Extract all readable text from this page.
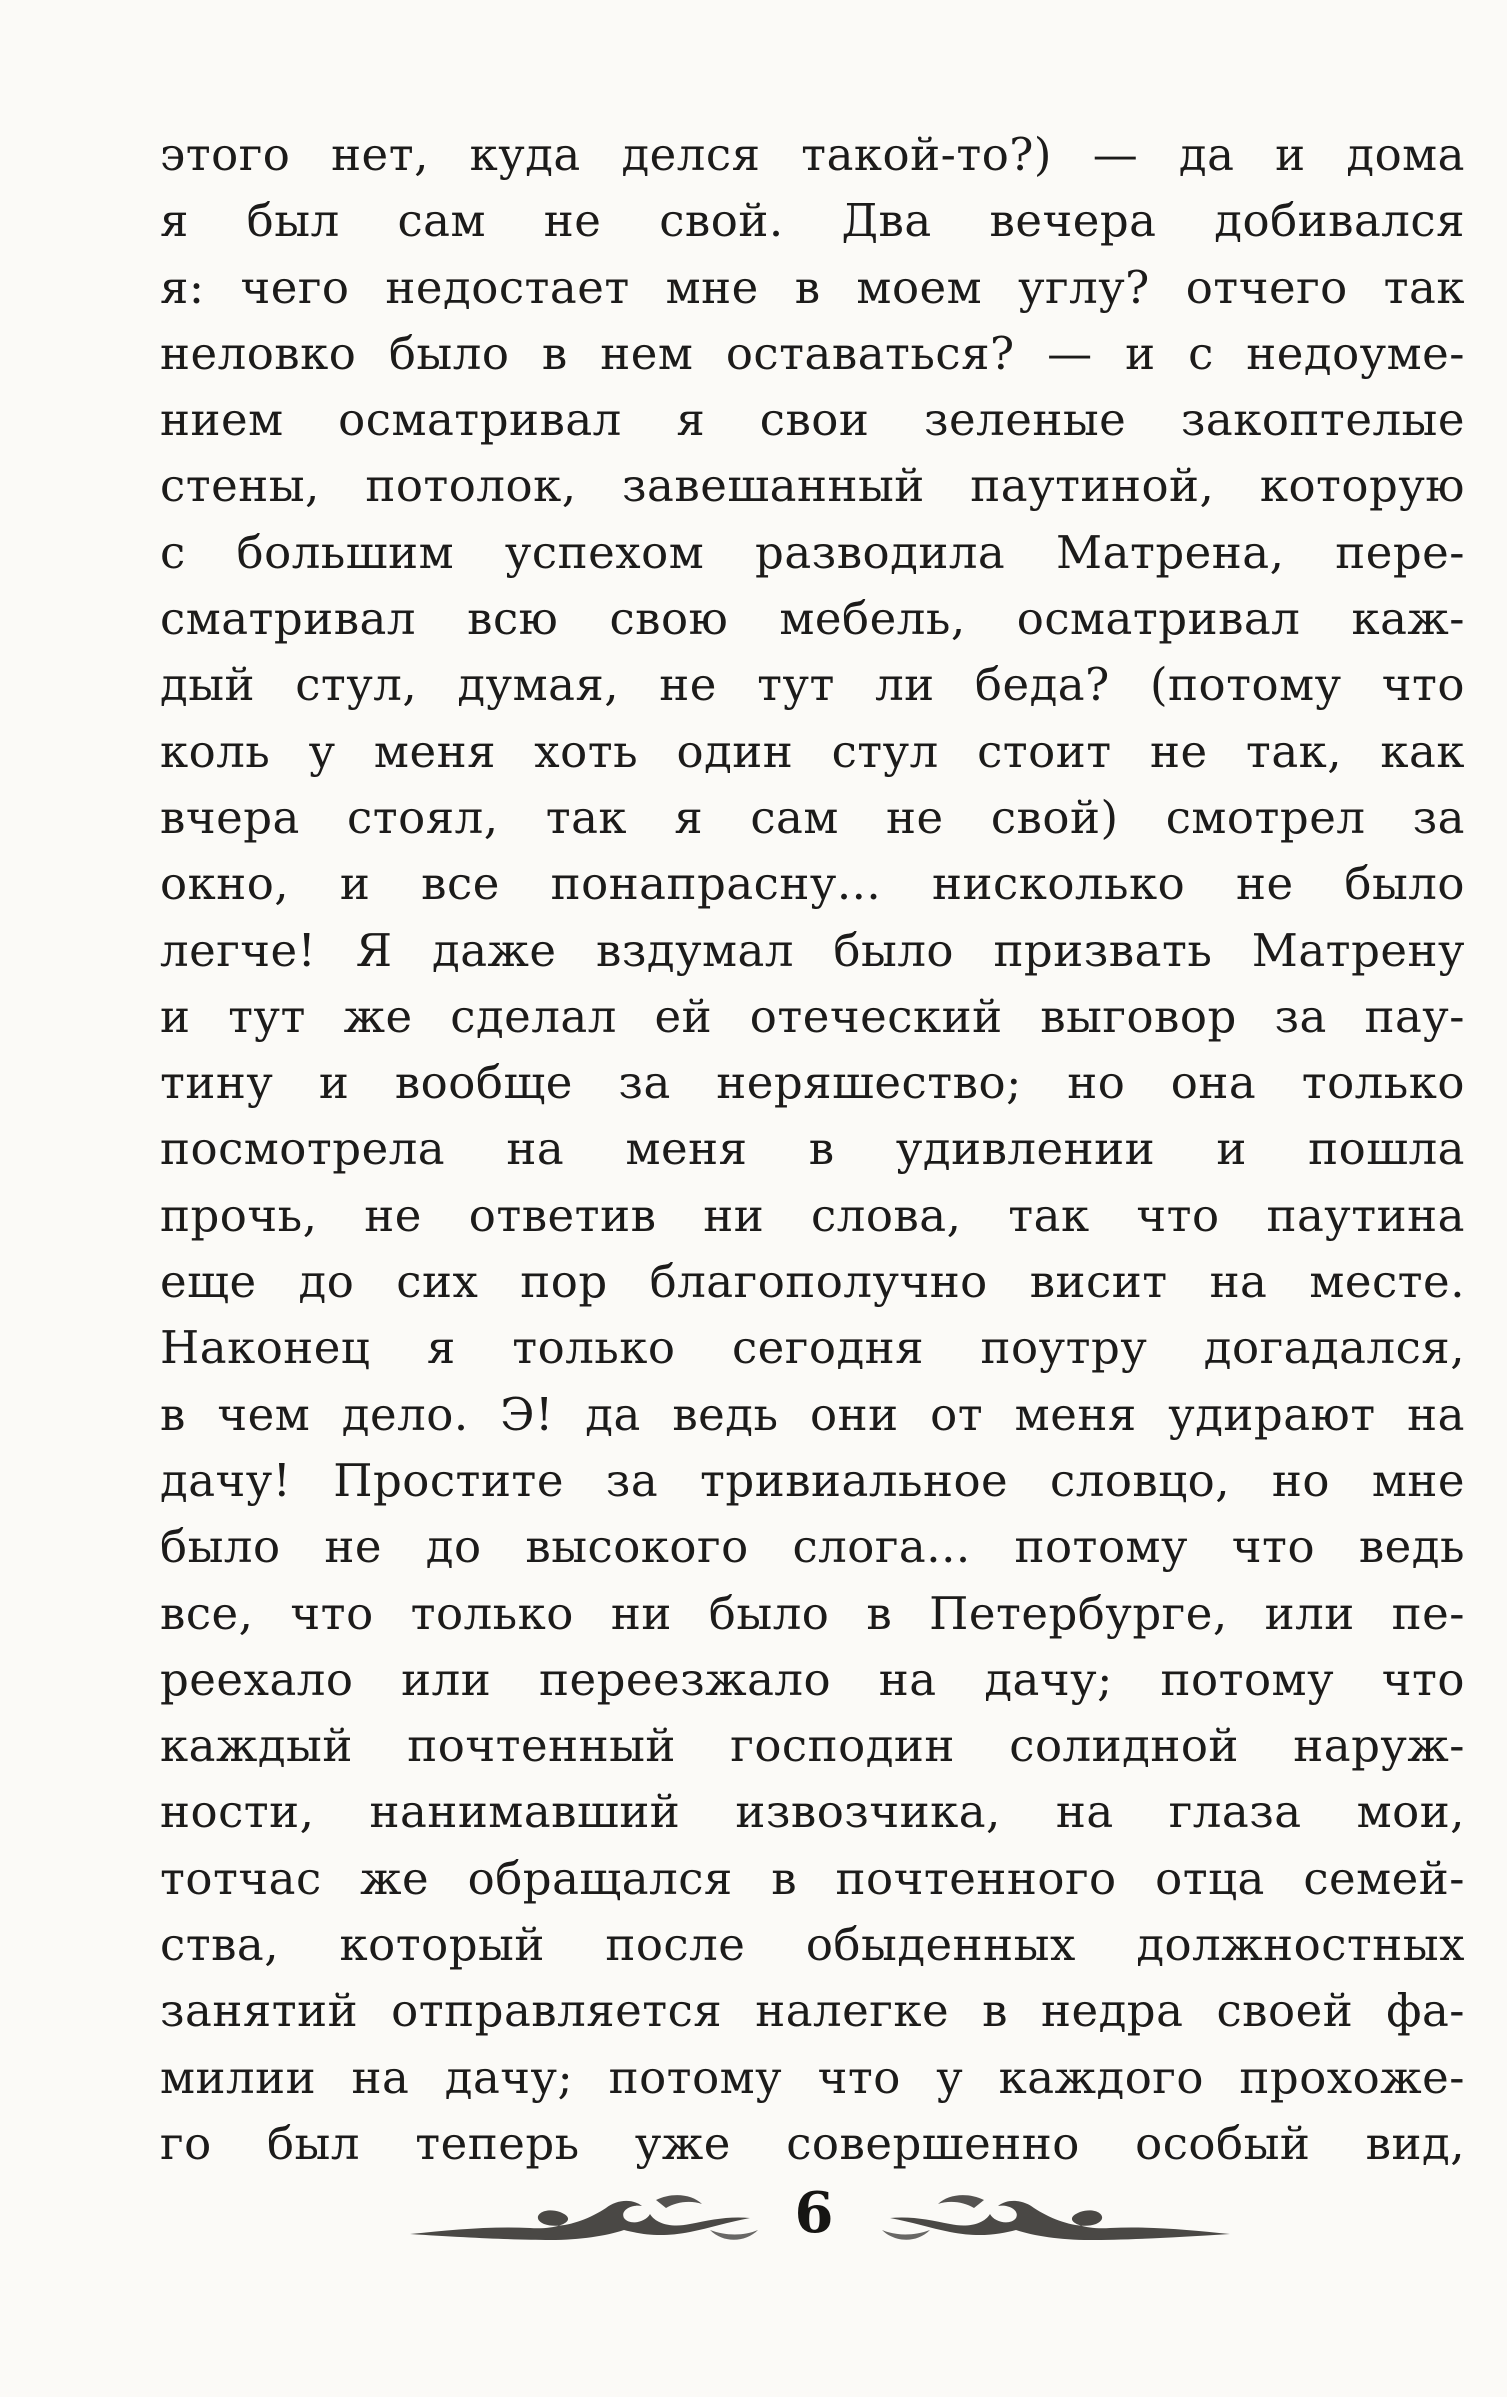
этого нет, куда делся такой-то?) — да и дома
я был сам не свой. Два вечера добивался
я: чего недостает мне в моем углу? отчего так
неловко было в нем оставаться? — и с недоуме-
нием осматривал я свои зеленые закоптелые
стены, потолок, завешанный паутиной, которую
с большим успехом разводила Матрена, пере-
сматривал всю свою мебель, осматривал каж-
дый стул, думая, не тут ли беда? (потому что
коль у меня хоть один стул стоит не так, как
вчера стоял, так я сам не свой) смотрел за
окно, и все понапрасну... нисколько не было
легче! Я даже вздумал было призвать Матрену
и тут же сделал ей отеческий выговор за пау-
тину и вообще за неряшество; но она только
посмотрела на меня в удивлении и пошла
прочь, не ответив ни слова, так что паутина
еще до сих пор благополучно висит на месте.
Наконец я только сегодня поутру догадался,
в чем дело. Э! да ведь они от меня удирают на
дачу! Простите за тривиальное словцо, но мне
было не до высокого слога... потому что ведь
все, что только ни было в Петербурге, или пе-
реехало или переезжало на дачу; потому что
каждый почтенный господин солидной наруж-
ности, нанимавший извозчика, на глаза мои,
тотчас же обращался в почтенного отца семей-
ства, который после обыденных должностных
занятий отправляется налегке в недра своей фа-
милии на дачу; потому что у каждого прохоже-
го был теперь уже совершенно особый вид,
6
